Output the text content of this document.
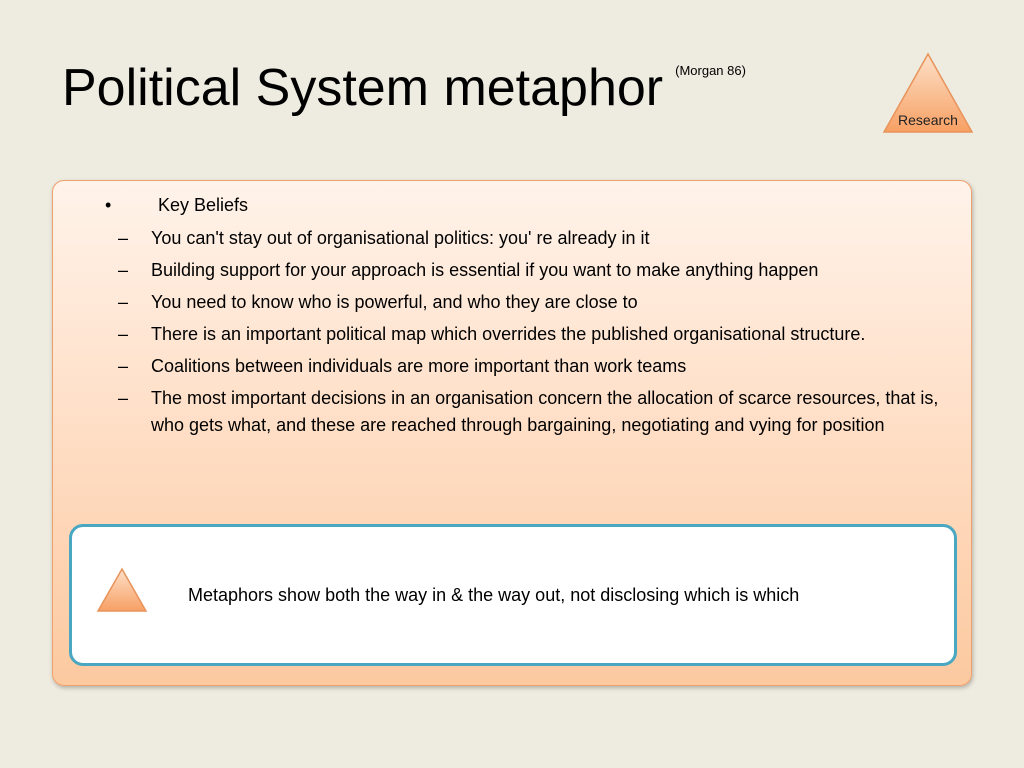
Political System metaphor $^{(Morgan 86)}$
Research
•	Key Beliefs
– You can't stay out of organisational politics: you' re already in it
– Building support for your approach is essential if you want to make anything happen
– You need to know who is powerful, and who they are close to
– There is an important political map which overrides the published organisational structure.
– Coalitions between individuals are more important than work teams
– The most important decisions in an organisation concern the allocation of scarce resources, that is, who gets what, and these are reached through bargaining, negotiating and vying for position
Metaphors show both the way in & the way out, not disclosing which is which
